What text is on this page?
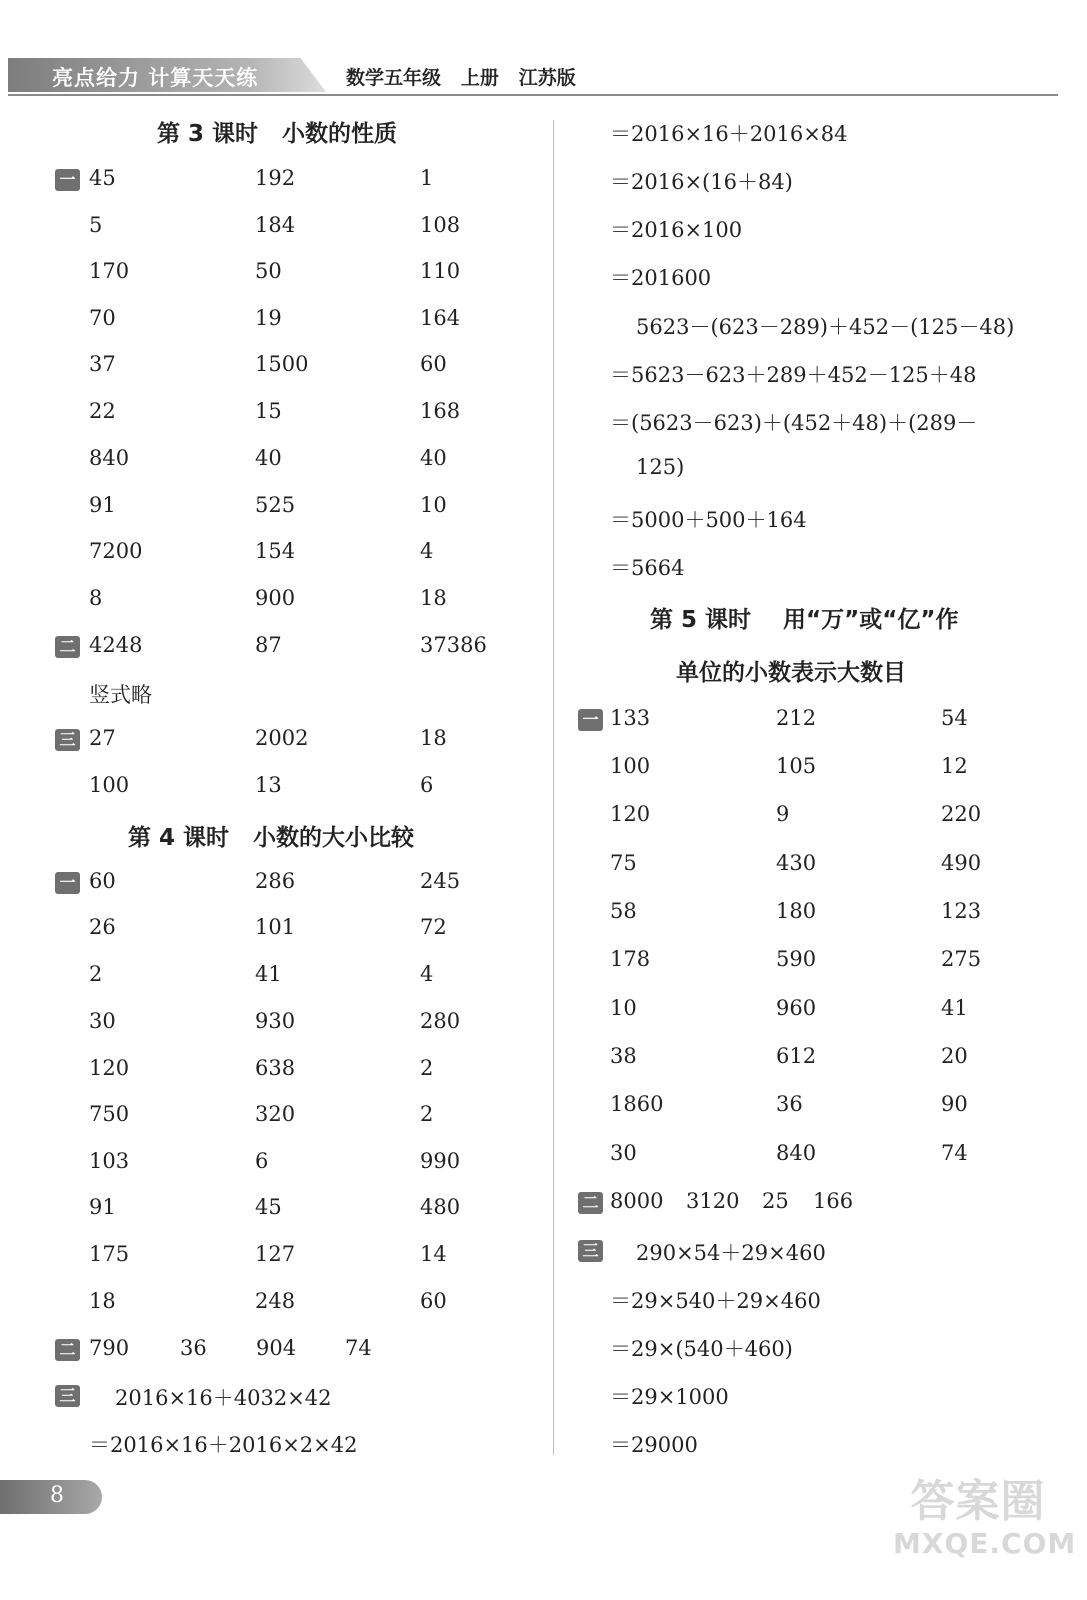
亮点给力 计算天天练	数学五年级   上册   江苏版
第 3 课时   小数的性质
一 45	192	1
5	184	108
170	50	110
70	19	164
37	1500	60
22	15	168
840	40	40
91	525	10
7200	154	4
8	900	18
二 4248	87	37386
竖式略
三 27	2002	18
100	13	6
第 4 课时   小数的大小比较
一 60	286	245
26	101	72
2	41	4
30	930	280
120	638	2
750	320	2
103	6	990
91	45	480
175	127	14
18	248	60
二 790 36 904 74
三 2016×16＋4032×42
＝2016×16＋2016×2×42
＝2016×16＋2016×84
＝2016×(16＋84)
＝2016×100
＝201600
5623－(623－289)＋452－(125－48)
＝5623－623＋289＋452－125＋48
＝(5623－623)＋(452＋48)＋(289－
125)
＝5000＋500＋164
＝5664
第 5 课时    用“万”或“亿”作
单位的小数表示大数目
一 133	212	54
100	105	12
120	9	220
75	430	490
58	180	123
178	590	275
10	960	41
38	612	20
1860	36	90
30	840	74
二 8000 3120 25 166
三 290×54＋29×460
＝29×540＋29×460
＝29×(540＋460)
＝29×1000
＝29000
8	答案圈
MXQE.COM
